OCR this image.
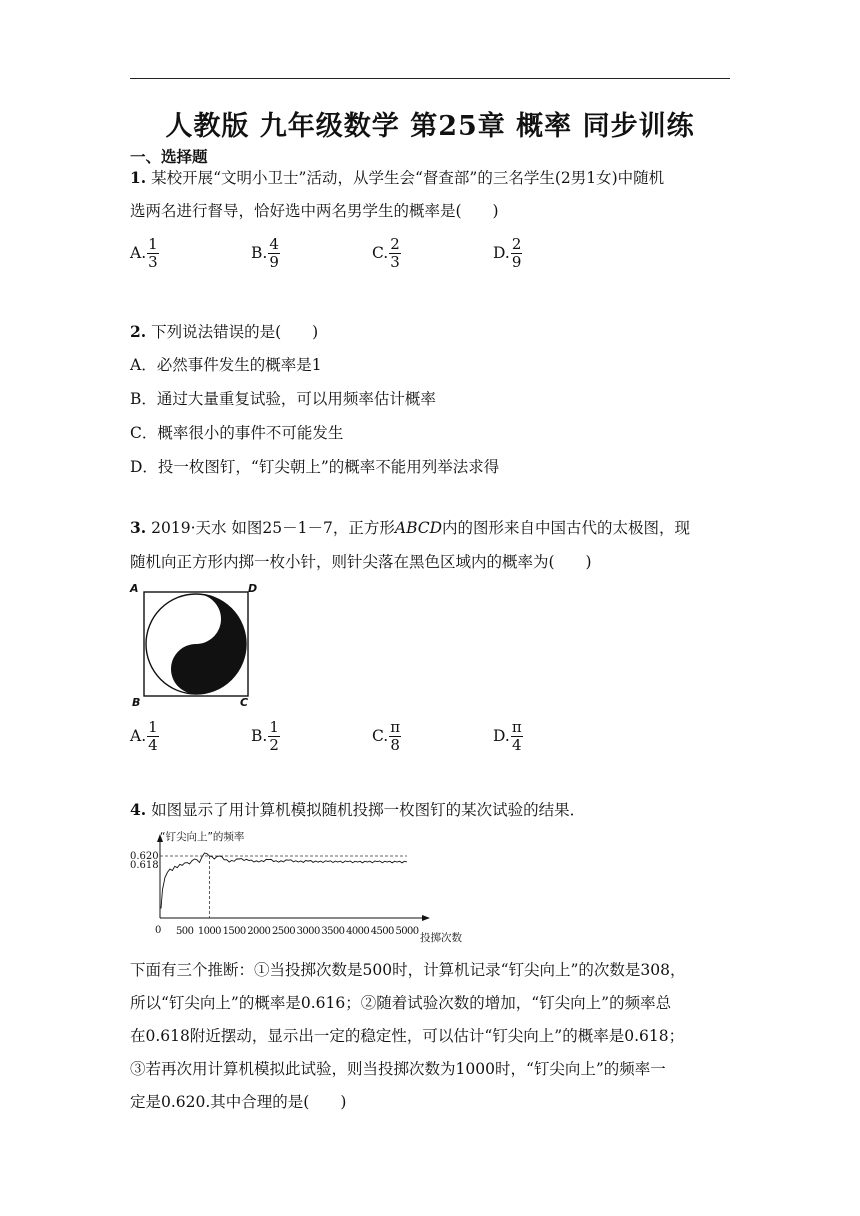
人教版 九年级数学 第25章 概率 同步训练
一、选择题
1. 某校开展“文明小卫士”活动，从学生会“督查部”的三名学生(2男1女)中随机
选两名进行督导，恰好选中两名男学生的概率是(　　)
A. $\frac{1}{3}$	B. $\frac{4}{9}$	C. $\frac{2}{3}$	D. $\frac{2}{9}$
2. 下列说法错误的是(　　)
A．必然事件发生的概率是1
B．通过大量重复试验，可以用频率估计概率
C．概率很小的事件不可能发生
D．投一枚图钉，“钉尖朝上”的概率不能用列举法求得
3. 2019·天水 如图25－1－7，正方形ABCD内的图形来自中国古代的太极图，现
随机向正方形内掷一枚小针，则针尖落在黑色区域内的概率为(　　)
A	D
B	C
A. $\frac{1}{4}$	B. $\frac{1}{2}$	C. $\frac{\pi}{8}$	D. $\frac{\pi}{4}$
4. 如图显示了用计算机模拟随机投掷一枚图钉的某次试验的结果．
“钉尖向上”的频率
投掷次数
0
0.620
0.618
500 1000 1500 2000 2500 3000 3500 4000 4500 5000
下面有三个推断：①当投掷次数是500时，计算机记录“钉尖向上”的次数是308，
所以“钉尖向上”的概率是0.616；②随着试验次数的增加，“钉尖向上”的频率总
在0.618附近摆动，显示出一定的稳定性，可以估计“钉尖向上”的概率是0.618；
③若再次用计算机模拟此试验，则当投掷次数为1000时，“钉尖向上”的频率一
定是0.620.其中合理的是(　　)
